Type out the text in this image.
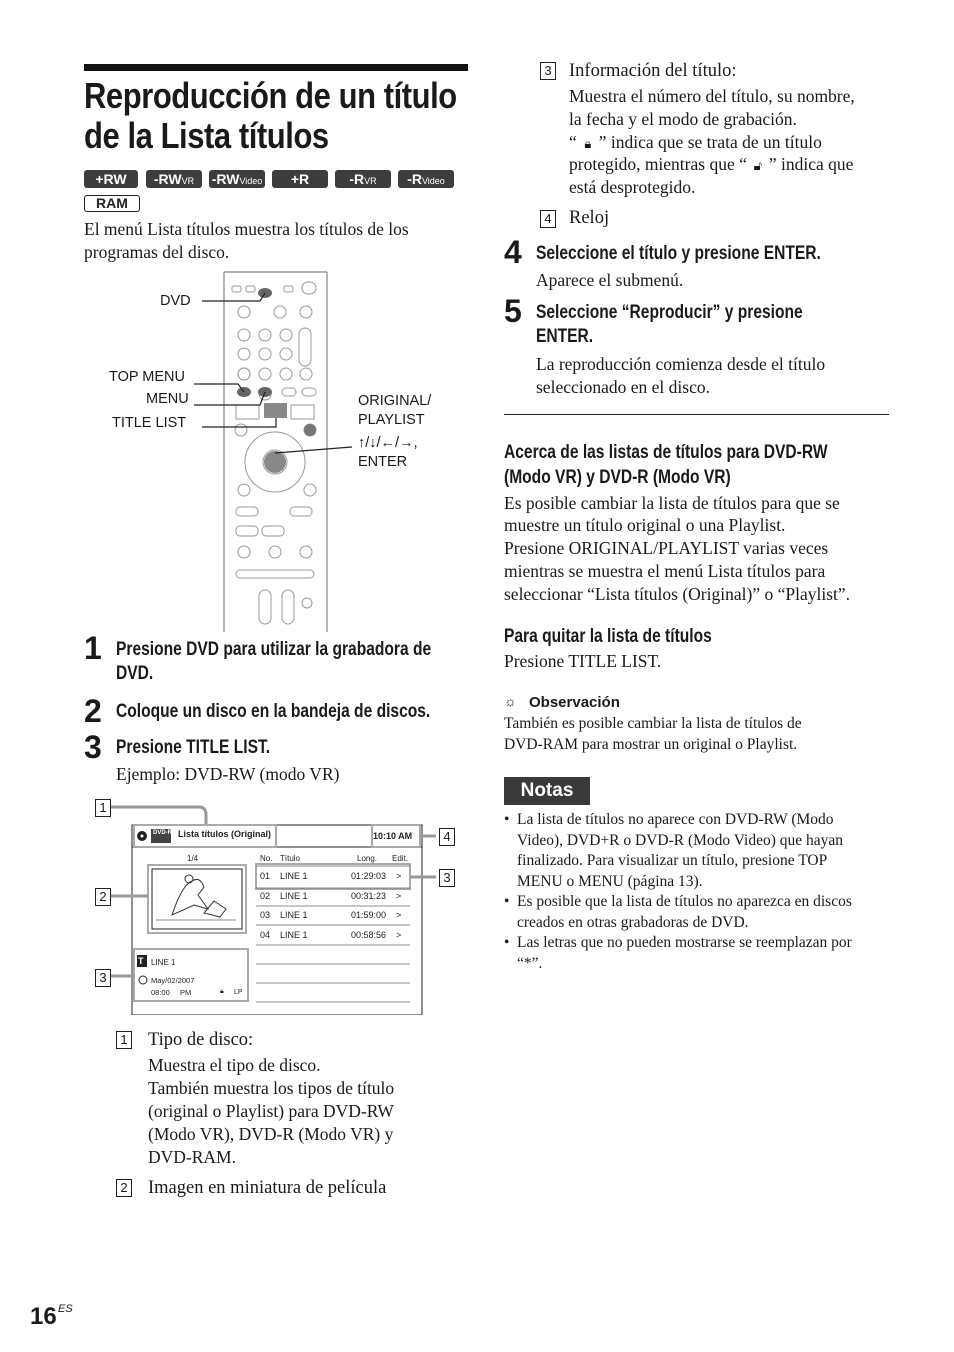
Reproducción de un título de la Lista títulos
+RW	-RWVR	-RWVideo	+R	-RVR	-RVideo
RAM
El menú Lista títulos muestra los títulos de los programas del disco.
DVD
TOP MENU
MENU
TITLE LIST
ORIGINAL/
PLAYLIST
↑/↓/←/→,
ENTER
1 Presione DVD para utilizar la grabadora de DVD.
2 Coloque un disco en la bandeja de discos.
3 Presione TITLE LIST.
Ejemplo: DVD-RW (modo VR)
1
2
3
4
3
DVD-RW Lista títulos (Original)	10:10 AM
1/4	No. Título	Long. Edit.
01 LINE 1	01:29:03 >
02 LINE 1	00:31:23 >
03 LINE 1	01:59:00 >
04 LINE 1	00:58:56 >
T LINE 1
May/02/2007
08:00 PM	🔒︎ LP
1 Tipo de disco:
Muestra el tipo de disco.
También muestra los tipos de título
(original o Playlist) para DVD-RW
(Modo VR), DVD-R (Modo VR) y
DVD-RAM.
2 Imagen en miniatura de película
16 ES
3 Información del título:
Muestra el número del título, su nombre,
la fecha y el modo de grabación.
“ 🔒︎ ” indica que se trata de un título
protegido, mientras que “ 🔓︎ ” indica que
está desprotegido.
4 Reloj
4 Seleccione el título y presione ENTER.
Aparece el submenú.
5 Seleccione “Reproducir” y presione ENTER.
La reproducción comienza desde el título seleccionado en el disco.
Acerca de las listas de títulos para DVD-RW (Modo VR) y DVD-R (Modo VR)
Es posible cambiar la lista de títulos para que se
muestre un título original o una Playlist.
Presione ORIGINAL/PLAYLIST varias veces
mientras se muestra el menú Lista títulos para
seleccionar “Lista títulos (Original)” o “Playlist”.
Para quitar la lista de títulos
Presione TITLE LIST.
☼ Observación
También es posible cambiar la lista de títulos de
DVD-RAM para mostrar un original o Playlist.
Notas
• La lista de títulos no aparece con DVD-RW (Modo
Video), DVD+R o DVD-R (Modo Video) que hayan
finalizado. Para visualizar un título, presione TOP
MENU o MENU (página 13).
• Es posible que la lista de títulos no aparezca en discos
creados en otras grabadoras de DVD.
• Las letras que no pueden mostrarse se reemplazan por
“*”.
